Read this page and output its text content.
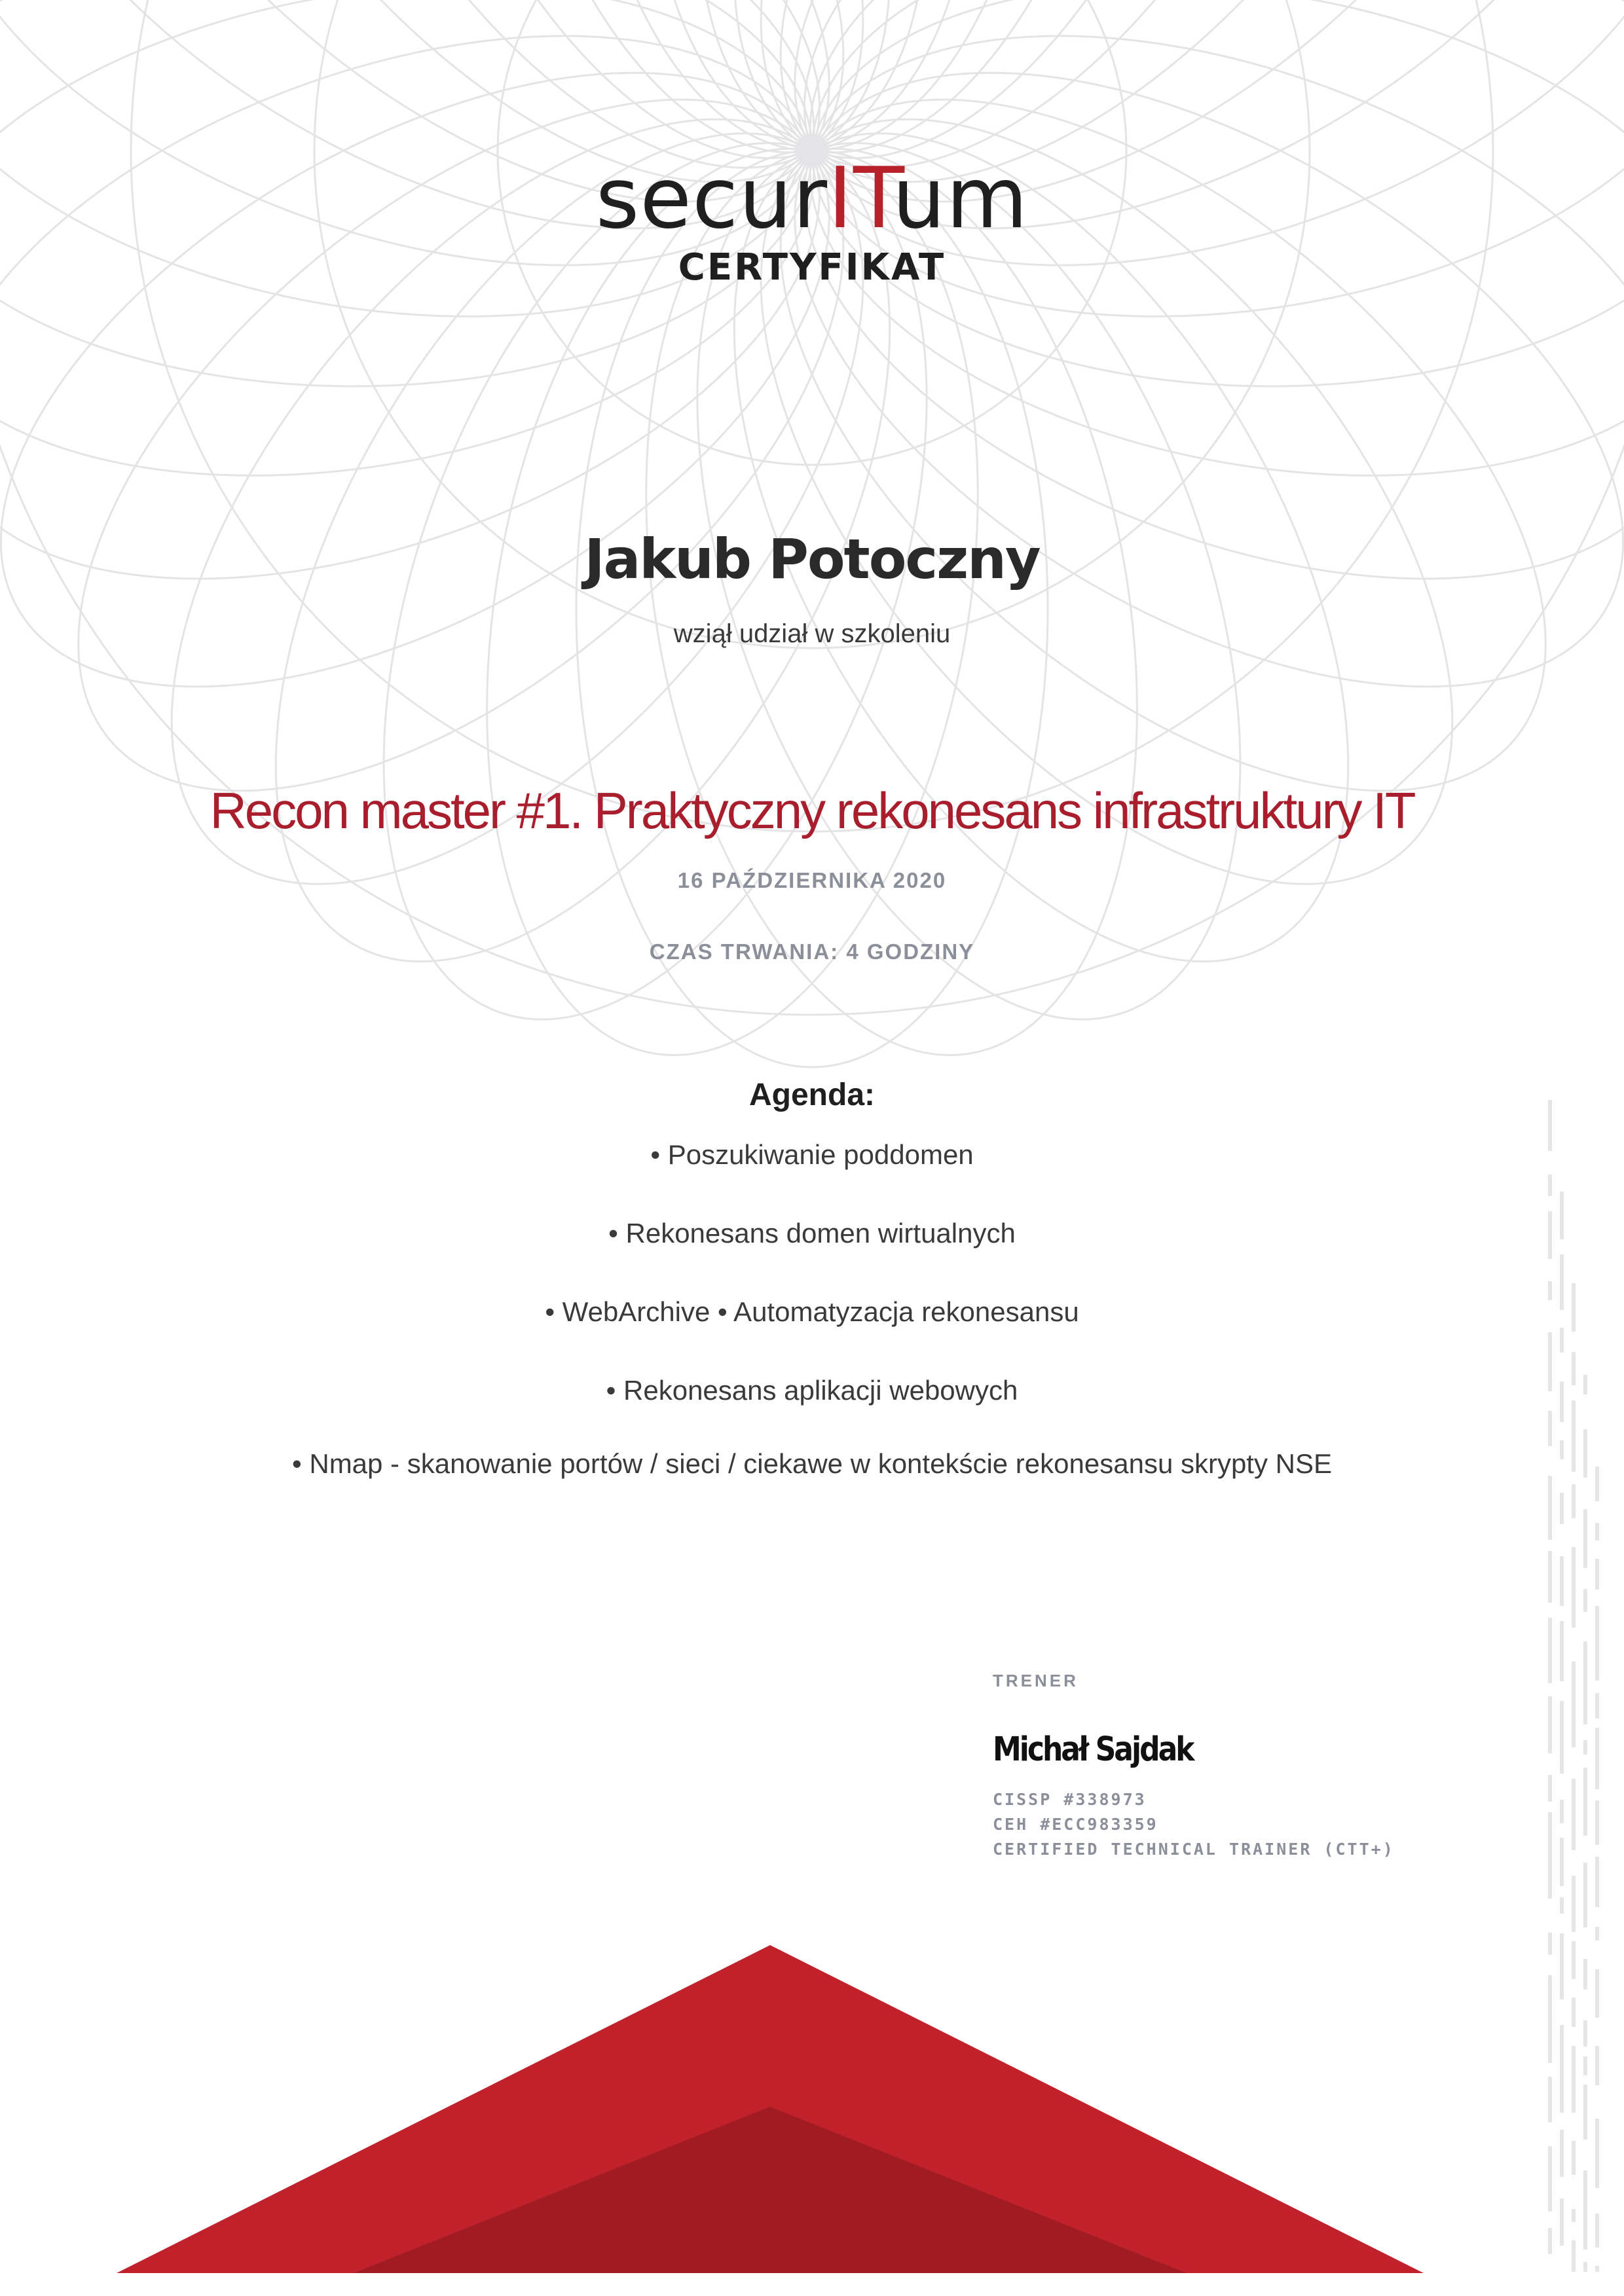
securITum
CERTYFIKAT
Jakub Potoczny
wziął udział w szkoleniu
Recon master #1. Praktyczny rekonesans infrastruktury IT
16 PAŹDZIERNIKA 2020
CZAS TRWANIA: 4 GODZINY
Agenda:
• Poszukiwanie poddomen
• Rekonesans domen wirtualnych
• WebArchive • Automatyzacja rekonesansu
• Rekonesans aplikacji webowych
• Nmap - skanowanie portów / sieci / ciekawe w kontekście rekonesansu skrypty NSE
TRENER
Michał Sajdak
CISSP #338973
CEH #ECC983359
CERTIFIED TECHNICAL TRAINER (CTT+)
